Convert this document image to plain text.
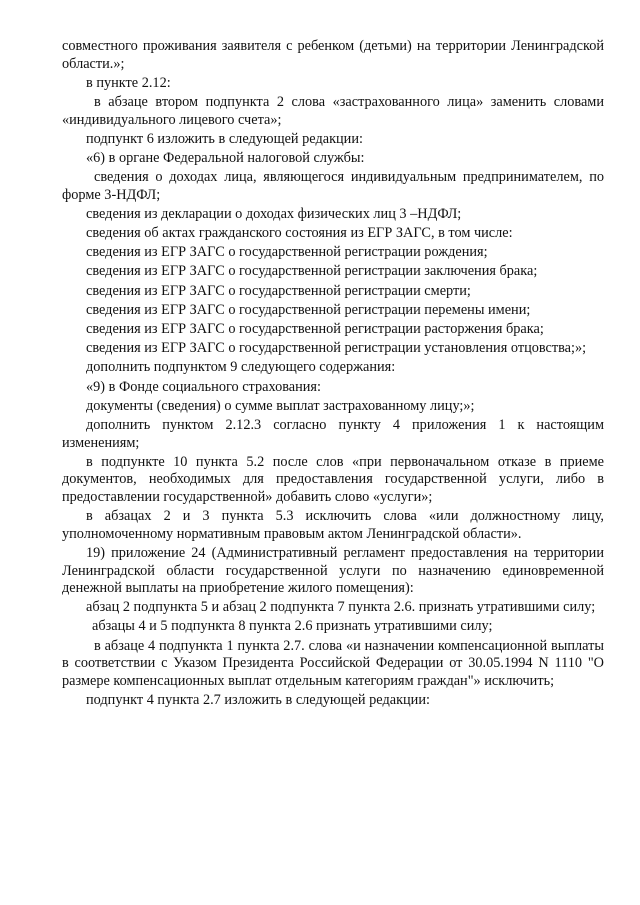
совместного проживания заявителя с ребенком (детьми) на территории Ленинградской области.»;

в пункте 2.12:

в абзаце втором подпункта 2 слова «застрахованного лица» заменить словами «индивидуального лицевого счета»;

подпункт 6 изложить в следующей редакции:

«6) в органе Федеральной налоговой службы:

сведения о доходах лица, являющегося индивидуальным предпринимателем, по форме 3-НДФЛ;

сведения из декларации о доходах физических лиц 3 –НДФЛ;

сведения об актах гражданского состояния из ЕГР ЗАГС, в том числе:

сведения из ЕГР ЗАГС о государственной регистрации рождения;

сведения из ЕГР ЗАГС о государственной регистрации заключения брака;

сведения из ЕГР ЗАГС о государственной регистрации смерти;

сведения из ЕГР ЗАГС о государственной регистрации перемены имени;

сведения из ЕГР ЗАГС о государственной регистрации расторжения брака;

сведения из ЕГР ЗАГС о государственной регистрации установления отцовства;»;

дополнить подпунктом 9 следующего содержания:

«9) в Фонде социального страхования:

документы (сведения) о сумме выплат застрахованному лицу;»;

дополнить пунктом 2.12.3 согласно пункту 4 приложения 1 к настоящим изменениям;

в подпункте 10 пункта 5.2 после слов «при первоначальном отказе в приеме документов, необходимых для предоставления государственной услуги, либо в предоставлении государственной» добавить слово «услуги»;

в абзацах 2 и 3 пункта 5.3 исключить слова «или должностному лицу, уполномоченному нормативным правовым актом Ленинградской области».

19) приложение 24 (Административный регламент предоставления на территории Ленинградской области государственной услуги по назначению единовременной денежной выплаты на приобретение жилого помещения):

абзац 2 подпункта 5 и абзац 2 подпункта 7 пункта 2.6. признать утратившими силу;

абзацы 4 и 5 подпункта 8 пункта 2.6 признать утратившими силу;

в абзаце 4 подпункта 1 пункта 2.7. слова «и назначении компенсационной выплаты в соответствии с Указом Президента Российской Федерации от 30.05.1994 N 1110 "О размере компенсационных выплат отдельным категориям граждан"» исключить;

подпункт 4 пункта 2.7 изложить в следующей редакции:
